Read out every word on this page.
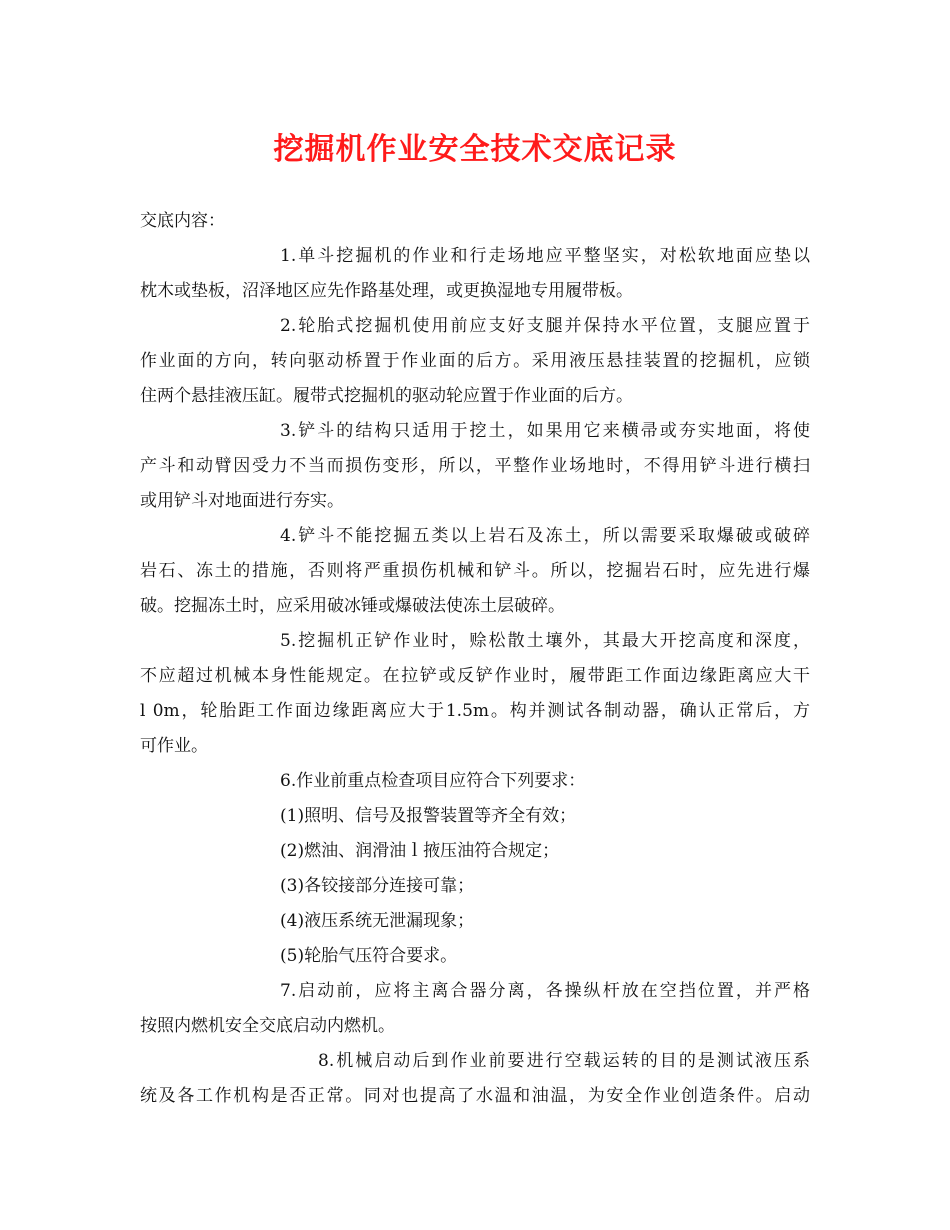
挖掘机作业安全技术交底记录
交底内容：
1.单斗挖掘机的作业和行走场地应平整坚实，对松软地面应垫以
枕木或垫板，沼泽地区应先作路基处理，或更换湿地专用履带板。
2.轮胎式挖掘机使用前应支好支腿并保持水平位置，支腿应置于
作业面的方向，转向驱动桥置于作业面的后方。采用液压悬挂装置的挖掘机，应锁
住两个悬挂液压缸。履带式挖掘机的驱动轮应置于作业面的后方。
3.铲斗的结构只适用于挖土，如果用它来横帚或夯实地面，将使
产斗和动臂因受力不当而损伤变形，所以，平整作业场地时，不得用铲斗进行横扫
或用铲斗对地面进行夯实。
4.铲斗不能挖掘五类以上岩石及冻土，所以需要采取爆破或破碎
岩石、冻土的措施，否则将严重损伤机械和铲斗。所以，挖掘岩石时，应先进行爆
破。挖掘冻土时，应采用破冰锤或爆破法使冻土层破碎。
5.挖掘机正铲作业时，赊松散土壤外，其最大开挖高度和深度，
不应超过机械本身性能规定。在拉铲或反铲作业时，履带距工作面边缘距离应大干
l 0m，轮胎距工作面边缘距离应大于1.5m。构并测试各制动器，确认正常后，方
可作业。
6.作业前重点检查项目应符合下列要求：
(1)照明、信号及报警装置等齐全有效；
(2)燃油、润滑油ｌ掖压油符合规定；
(3)各铰接部分连接可靠；
(4)液压系统无泄漏现象；
(5)轮胎气压符合要求。
7.启动前，应将主离合器分离，各操纵杆放在空挡位置，并严格
按照内燃机安全交底启动内燃机。
8.机械启动后到作业前要进行空载运转的目的是测试液压系
统及各工作机构是否正常。同对也提高了水温和油温，为安全作业创造条件。启动
